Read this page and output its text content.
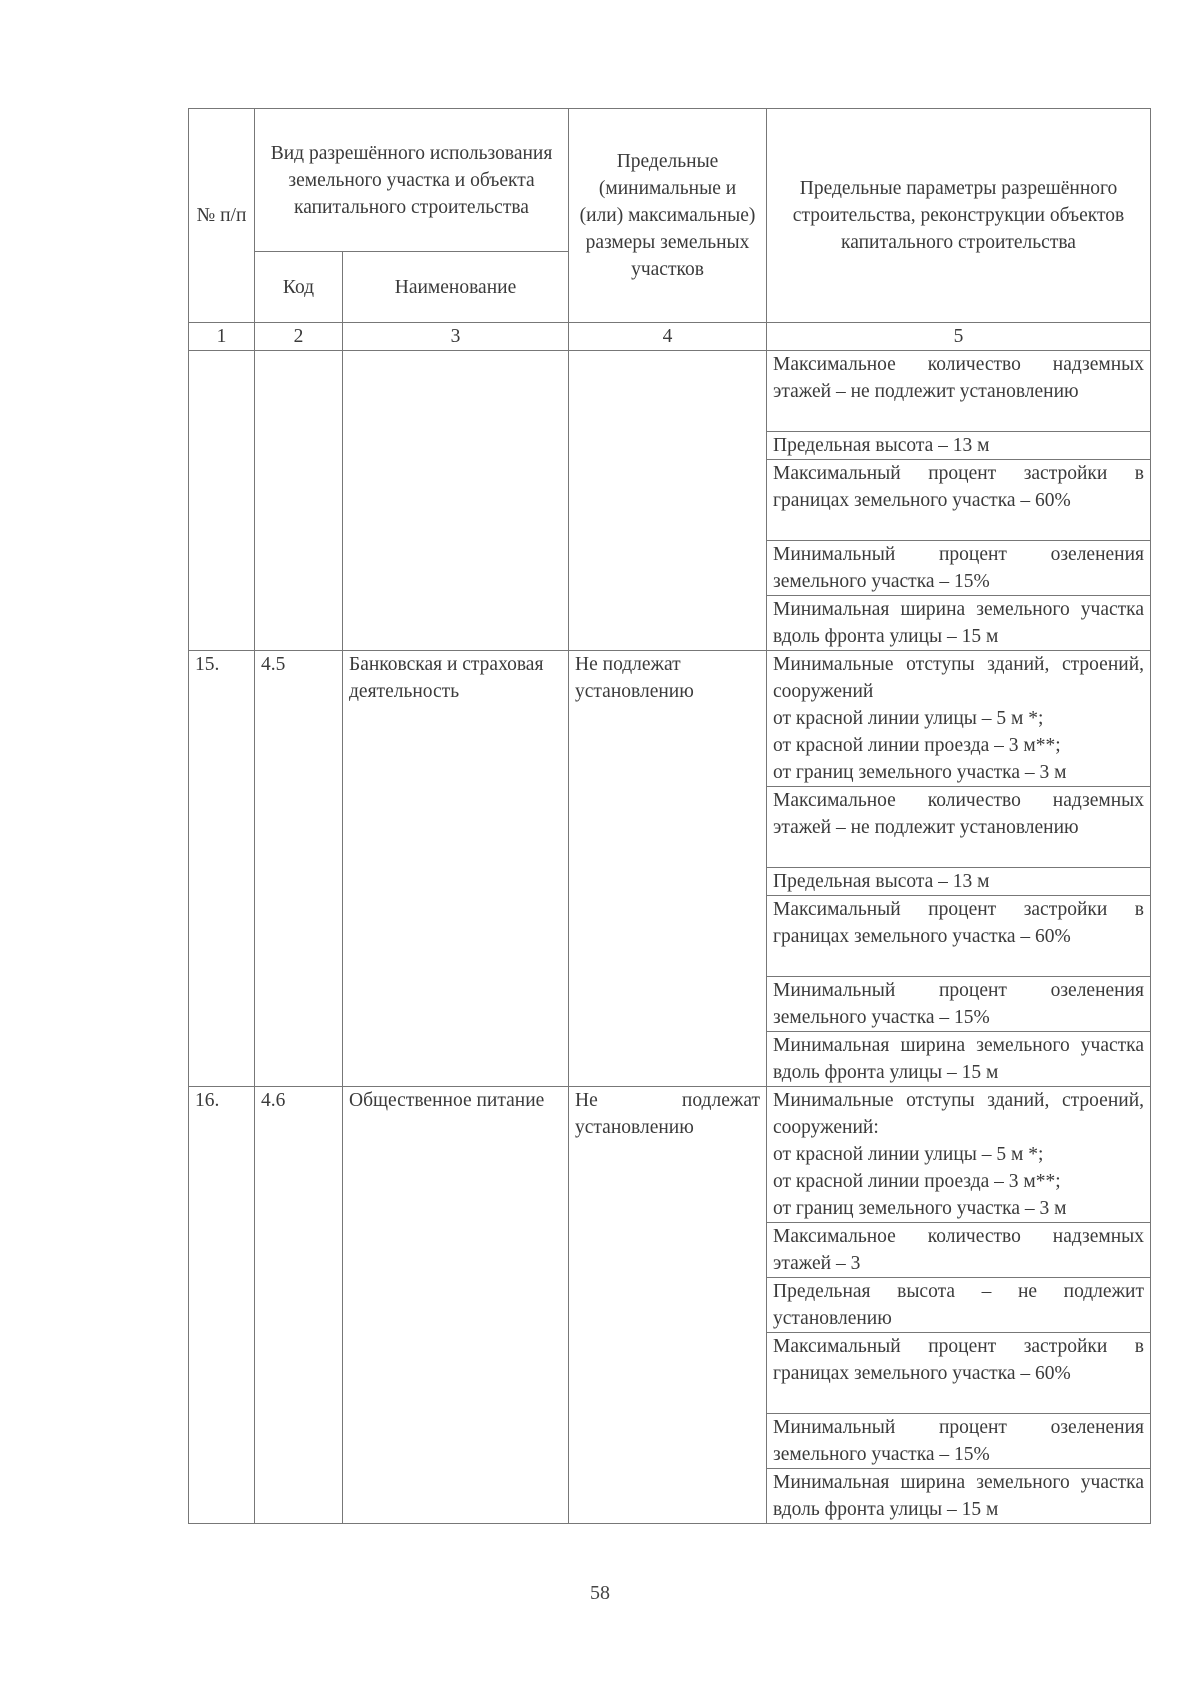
№ п/п	Вид разрешённого использования земельного участка и объекта капитального строительства		Предельные (минимальные и (или) максимальные) размеры земельных участков	Предельные параметры разрешённого строительства, реконструкции объектов капитального строительства
	Код	Наименование		
1	2	3	4	5
				Максимальное количество надземных этажей – не подлежит установлению
				Предельная высота – 13 м
				Максимальный процент застройки в границах земельного участка – 60%
				Минимальный процент озеленения земельного участка – 15%
				Минимальная ширина земельного участка вдоль фронта улицы – 15 м
15.	4.5	Банковская и страховая деятельность	Не подлежат установлению	Минимальные отступы зданий, строений, сооружений
от красной линии улицы – 5 м *;
от красной линии проезда – 3 м**;
от границ земельного участка – 3 м

				Максимальное количество надземных этажей – не подлежит установлению
				Предельная высота – 13 м
				Максимальный процент застройки в границах земельного участка – 60%
				Минимальный процент озеленения земельного участка – 15%
				Минимальная ширина земельного участка вдоль фронта улицы – 15 м
16.	4.6	Общественное питание	Не подлежат установлению	Минимальные отступы зданий, строений, сооружений:
от красной линии улицы – 5 м *;
от красной линии проезда – 3 м**;
от границ земельного участка – 3 м

				Максимальное количество надземных этажей – 3
				Предельная высота – не подлежит установлению
				Максимальный процент застройки в границах земельного участка – 60%
				Минимальный процент озеленения земельного участка – 15%
				Минимальная ширина земельного участка вдоль фронта улицы – 15 м
58
